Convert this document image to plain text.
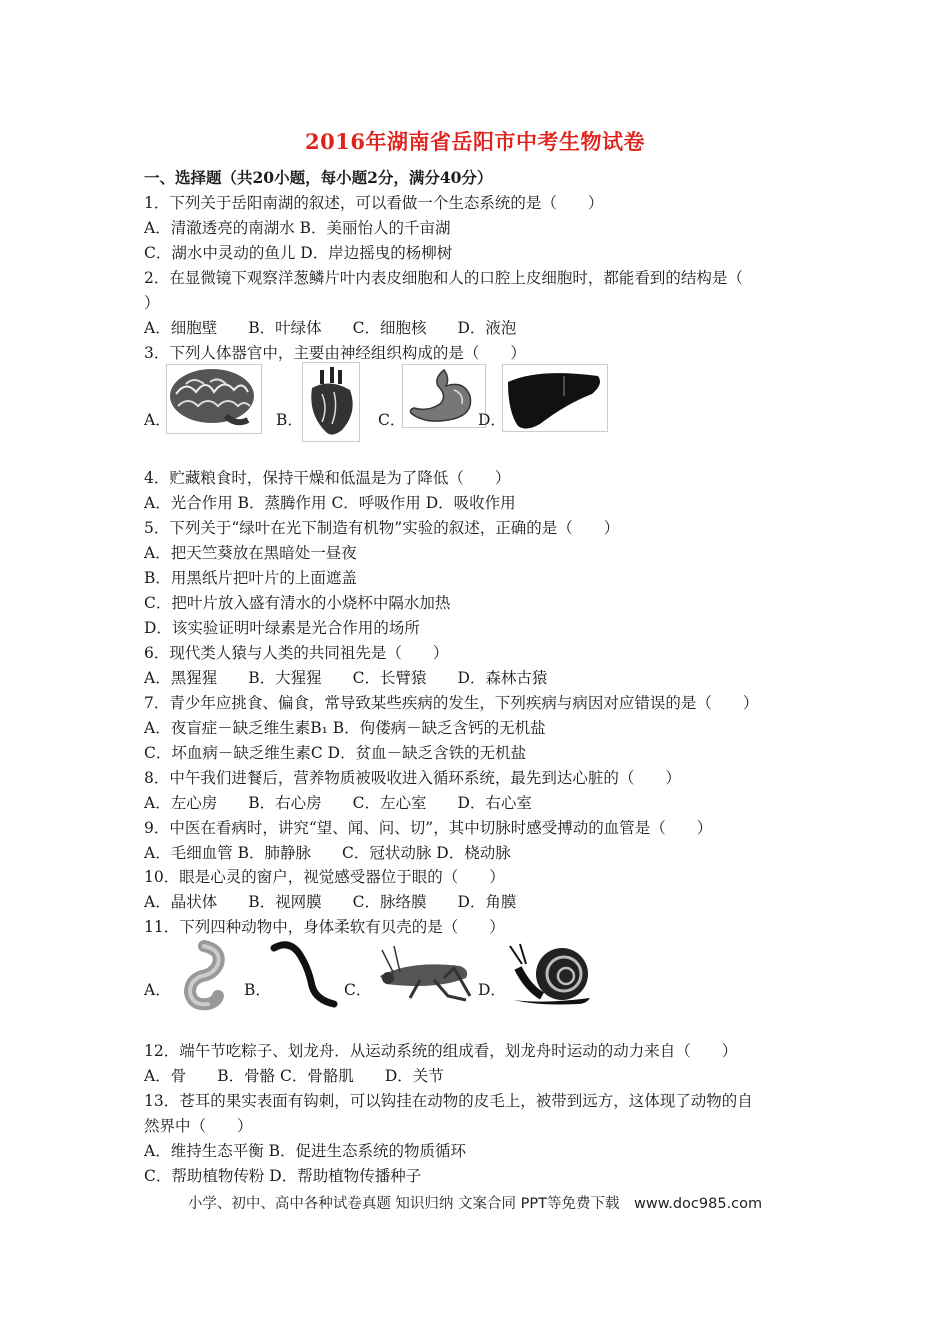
2016年湖南省岳阳市中考生物试卷
一、选择题（共20小题，每小题2分，满分40分）
1．下列关于岳阳南湖的叙述，可以看做一个生态系统的是（　　）
A．清澈透亮的南湖水 B．美丽怡人的千亩湖
C．湖水中灵动的鱼儿 D．岸边摇曳的杨柳树
2．在显微镜下观察洋葱鳞片叶内表皮细胞和人的口腔上皮细胞时，都能看到的结构是（
）
A．细胞壁　　B．叶绿体　　C．细胞核　　D．液泡
3．下列人体器官中，主要由神经组织构成的是（　　）
A．	B．	C．	D．
4．贮藏粮食时，保持干燥和低温是为了降低（　　）
A．光合作用 B．蒸腾作用 C．呼吸作用 D．吸收作用
5．下列关于“绿叶在光下制造有机物”实验的叙述，正确的是（　　）
A．把天竺葵放在黑暗处一昼夜
B．用黑纸片把叶片的上面遮盖
C．把叶片放入盛有清水的小烧杯中隔水加热
D．该实验证明叶绿素是光合作用的场所
6．现代类人猿与人类的共同祖先是（　　）
A．黑猩猩　　B．大猩猩　　C．长臂猿　　D．森林古猿
7．青少年应挑食、偏食，常导致某些疾病的发生，下列疾病与病因对应错误的是（　　）
A．夜盲症－缺乏维生素B₁ B．佝偻病－缺乏含钙的无机盐
C．坏血病－缺乏维生素C D．贫血－缺乏含铁的无机盐
8．中午我们进餐后，营养物质被吸收进入循环系统，最先到达心脏的（　　）
A．左心房　　B．右心房　　C．左心室　　D．右心室
9．中医在看病时，讲究“望、闻、问、切”，其中切脉时感受搏动的血管是（　　）
A．毛细血管 B．肺静脉　　C．冠状动脉 D．桡动脉
10．眼是心灵的窗户，视觉感受器位于眼的（　　）
A．晶状体　　B．视网膜　　C．脉络膜　　D．角膜
11．下列四种动物中，身体柔软有贝壳的是（　　）
A．	B．	C．	D．
12．端午节吃粽子、划龙舟．从运动系统的组成看，划龙舟时运动的动力来自（　　）
A．骨　　B．骨骼 C．骨骼肌　　D．关节
13．苍耳的果实表面有钩刺，可以钩挂在动物的皮毛上，被带到远方，这体现了动物的自
然界中（　　）
A．维持生态平衡 B．促进生态系统的物质循环
C．帮助植物传粉 D．帮助植物传播种子
小学、初中、高中各种试卷真题 知识归纳 文案合同 PPT等免费下载　www.doc985.com
